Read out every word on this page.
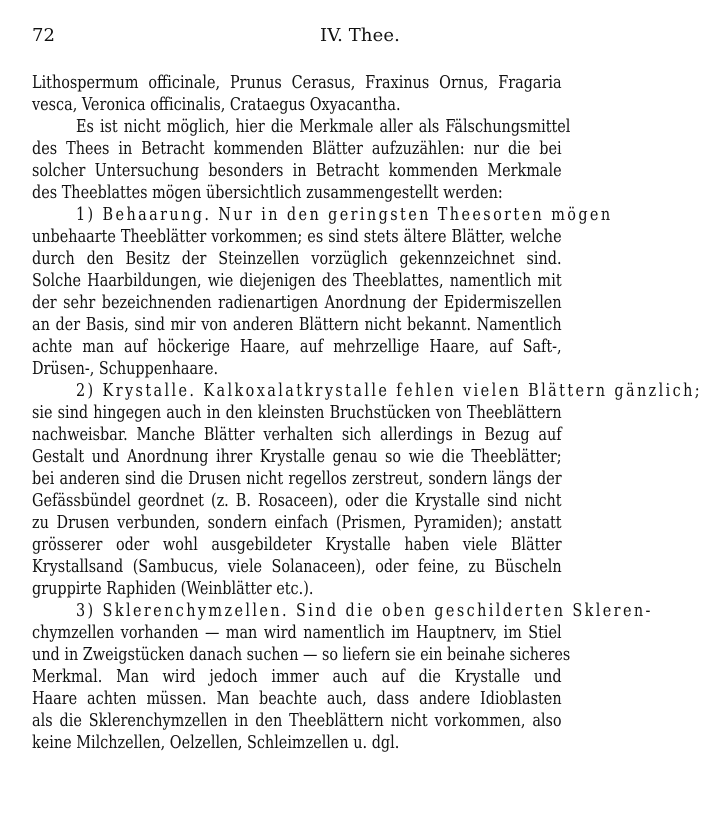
72	IV. Thee.
Lithospermum officinale, Prunus Cerasus, Fraxinus Ornus, Fragaria
vesca, Veronica officinalis, Crataegus Oxyacantha.
Es ist nicht möglich, hier die Merkmale aller als Fälschungsmittel
des Thees in Betracht kommenden Blätter aufzuzählen: nur die bei
solcher Untersuchung besonders in Betracht kommenden Merkmale
des Theeblattes mögen übersichtlich zusammengestellt werden:
1) Behaarung. Nur in den geringsten Theesorten mögen
unbehaarte Theeblätter vorkommen; es sind stets ältere Blätter, welche
durch den Besitz der Steinzellen vorzüglich gekennzeichnet sind.
Solche Haarbildungen, wie diejenigen des Theeblattes, namentlich mit
der sehr bezeichnenden radienartigen Anordnung der Epidermiszellen
an der Basis, sind mir von anderen Blättern nicht bekannt. Namentlich
achte man auf höckerige Haare, auf mehrzellige Haare, auf Saft-,
Drüsen-, Schuppenhaare.
2) Krystalle. Kalkoxalatkrystalle fehlen vielen Blättern gänzlich;
sie sind hingegen auch in den kleinsten Bruchstücken von Theeblättern
nachweisbar. Manche Blätter verhalten sich allerdings in Bezug auf
Gestalt und Anordnung ihrer Krystalle genau so wie die Theeblätter;
bei anderen sind die Drusen nicht regellos zerstreut, sondern längs der
Gefässbündel geordnet (z. B. Rosaceen), oder die Krystalle sind nicht
zu Drusen verbunden, sondern einfach (Prismen, Pyramiden); anstatt
grösserer oder wohl ausgebildeter Krystalle haben viele Blätter
Krystallsand (Sambucus, viele Solanaceen), oder feine, zu Büscheln
gruppirte Raphiden (Weinblätter etc.).
3) Sklerenchymzellen. Sind die oben geschilderten Skleren-
chymzellen vorhanden — man wird namentlich im Hauptnerv, im Stiel
und in Zweigstücken danach suchen — so liefern sie ein beinahe sicheres
Merkmal. Man wird jedoch immer auch auf die Krystalle und
Haare achten müssen. Man beachte auch, dass andere Idioblasten
als die Sklerenchymzellen in den Theeblättern nicht vorkommen, also
keine Milchzellen, Oelzellen, Schleimzellen u. dgl.
